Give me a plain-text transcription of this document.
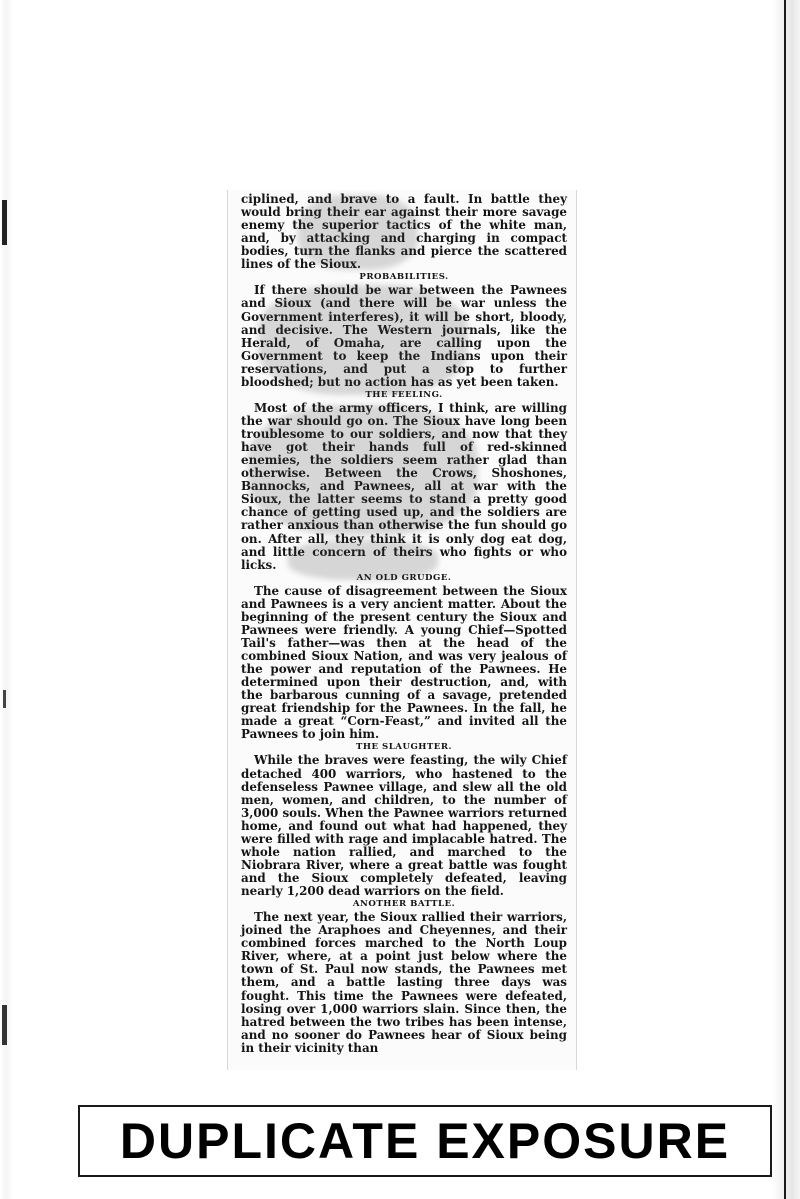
ciplined, and brave to a fault. In battle they would bring their ear against their more savage enemy the superior tactics of the white man, and, by attacking and charging in compact bodies, turn the flanks and pierce the scattered lines of the Sioux.

PROBABILITIES.

If there should be war between the Pawnees and Sioux (and there will be war unless the Government interferes), it will be short, bloody, and decisive. The Western journals, like the Herald, of Omaha, are calling upon the Government to keep the Indians upon their reservations, and put a stop to further bloodshed; but no action has as yet been taken.

THE FEELING.

Most of the army officers, I think, are willing the war should go on. The Sioux have long been troublesome to our soldiers, and now that they have got their hands full of red-skinned enemies, the soldiers seem rather glad than otherwise. Between the Crows, Shoshones, Bannocks, and Pawnees, all at war with the Sioux, the latter seems to stand a pretty good chance of getting used up, and the soldiers are rather anxious than otherwise the fun should go on. After all, they think it is only dog eat dog, and little concern of theirs who fights or who licks.

AN OLD GRUDGE.

The cause of disagreement between the Sioux and Pawnees is a very ancient matter. About the beginning of the present century the Sioux and Pawnees were friendly. A young Chief—Spotted Tail's father—was then at the head of the combined Sioux Nation, and was very jealous of the power and reputation of the Pawnees. He determined upon their destruction, and, with the barbarous cunning of a savage, pretended great friendship for the Pawnees. In the fall, he made a great “Corn-Feast,” and invited all the Pawnees to join him.

THE SLAUGHTER.

While the braves were feasting, the wily Chief detached 400 warriors, who hastened to the defenseless Pawnee village, and slew all the old men, women, and children, to the number of 3,000 souls. When the Pawnee warriors returned home, and found out what had happened, they were filled with rage and implacable hatred. The whole nation rallied, and marched to the Niobrara River, where a great battle was fought and the Sioux completely defeated, leaving nearly 1,200 dead warriors on the field.

ANOTHER BATTLE.

The next year, the Sioux rallied their warriors, joined the Araphoes and Cheyennes, and their combined forces marched to the North Loup River, where, at a point just below where the town of St. Paul now stands, the Pawnees met them, and a battle lasting three days was fought. This time the Pawnees were defeated, losing over 1,000 warriors slain. Since then, the hatred between the two tribes has been intense, and no sooner do Pawnees hear of Sioux being in their vicinity than

DUPLICATE EXPOSURE
